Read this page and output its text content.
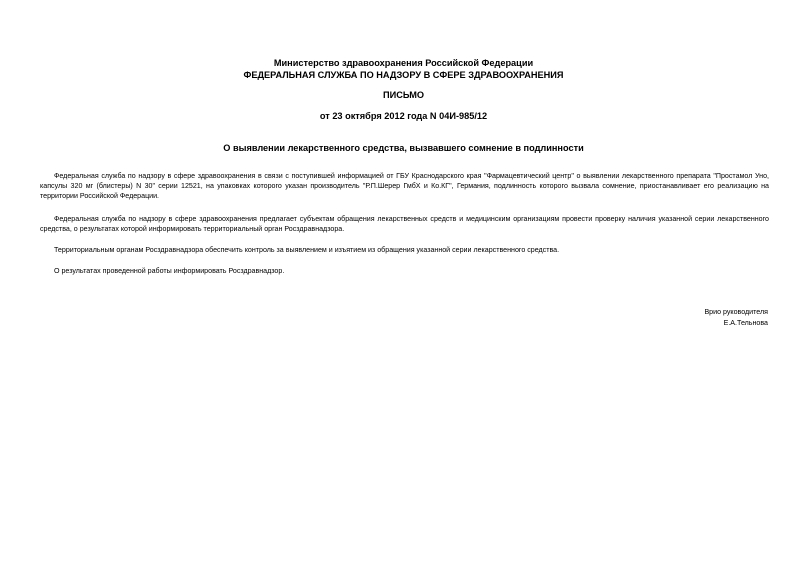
Министерство здравоохранения Российской Федерации
ФЕДЕРАЛЬНАЯ СЛУЖБА ПО НАДЗОРУ В СФЕРЕ ЗДРАВООХРАНЕНИЯ
ПИСЬМО
от 23 октября 2012 года N 04И-985/12
О выявлении лекарственного средства, вызвавшего сомнение в подлинности

Федеральная служба по надзору в сфере здравоохранения в связи с поступившей информацией от ГБУ Краснодарского края "Фармацевтический центр" о выявлении лекарственного препарата "Простамол Уно, капсулы 320 мг (блистеры) N 30" серии 12521, на упаковках которого указан производитель "Р.П.Шерер ГмбХ и Ко.КГ", Германия, подлинность которого вызвала сомнение, приостанавливает его реализацию на территории Российской Федерации.

Федеральная служба по надзору в сфере здравоохранения предлагает субъектам обращения лекарственных средств и медицинским организациям провести проверку наличия указанной серии лекарственного средства, о результатах которой информировать территориальный орган Росздравнадзора.

Территориальным органам Росздравнадзора обеспечить контроль за выявлением и изъятием из обращения указанной серии лекарственного средства.

О результатах проведенной работы информировать Росздравнадзор.

Врио руководителя
Е.А.Тельнова
